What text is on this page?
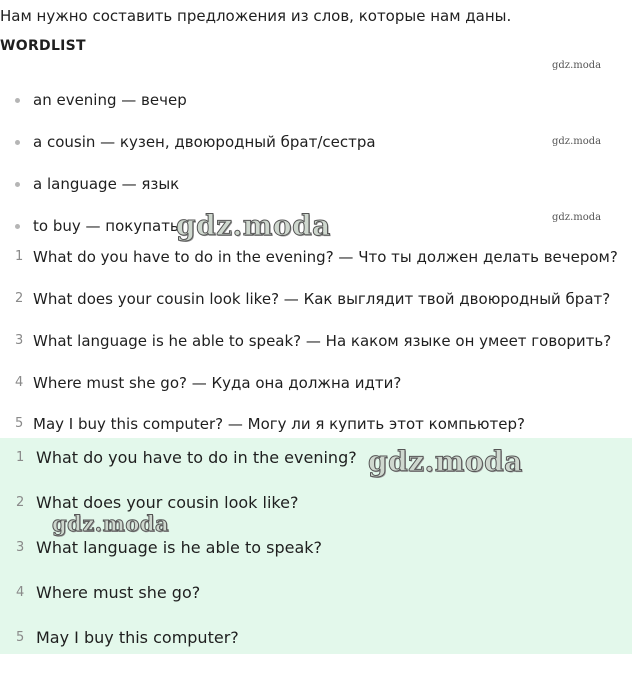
Нам нужно составить предложения из слов, которые нам даны.
WORDLIST
an evening — вечер
a cousin — кузен, двоюродный брат/сестра
a language — язык
to buy — покупать
1 What do you have to do in the evening? — Что ты должен делать вечером?
2 What does your cousin look like? — Как выглядит твой двоюродный брат?
3 What language is he able to speak? — На каком языке он умеет говорить?
4 Where must she go? — Куда она должна идти?
5 May I buy this computer? — Могу ли я купить этот компьютер?
1 What do you have to do in the evening?
2 What does your cousin look like?
3 What language is he able to speak?
4 Where must she go?
5 May I buy this computer?
gdz.moda
gdz.moda
gdz.moda
gdz.moda
gdz.moda
gdz.moda
